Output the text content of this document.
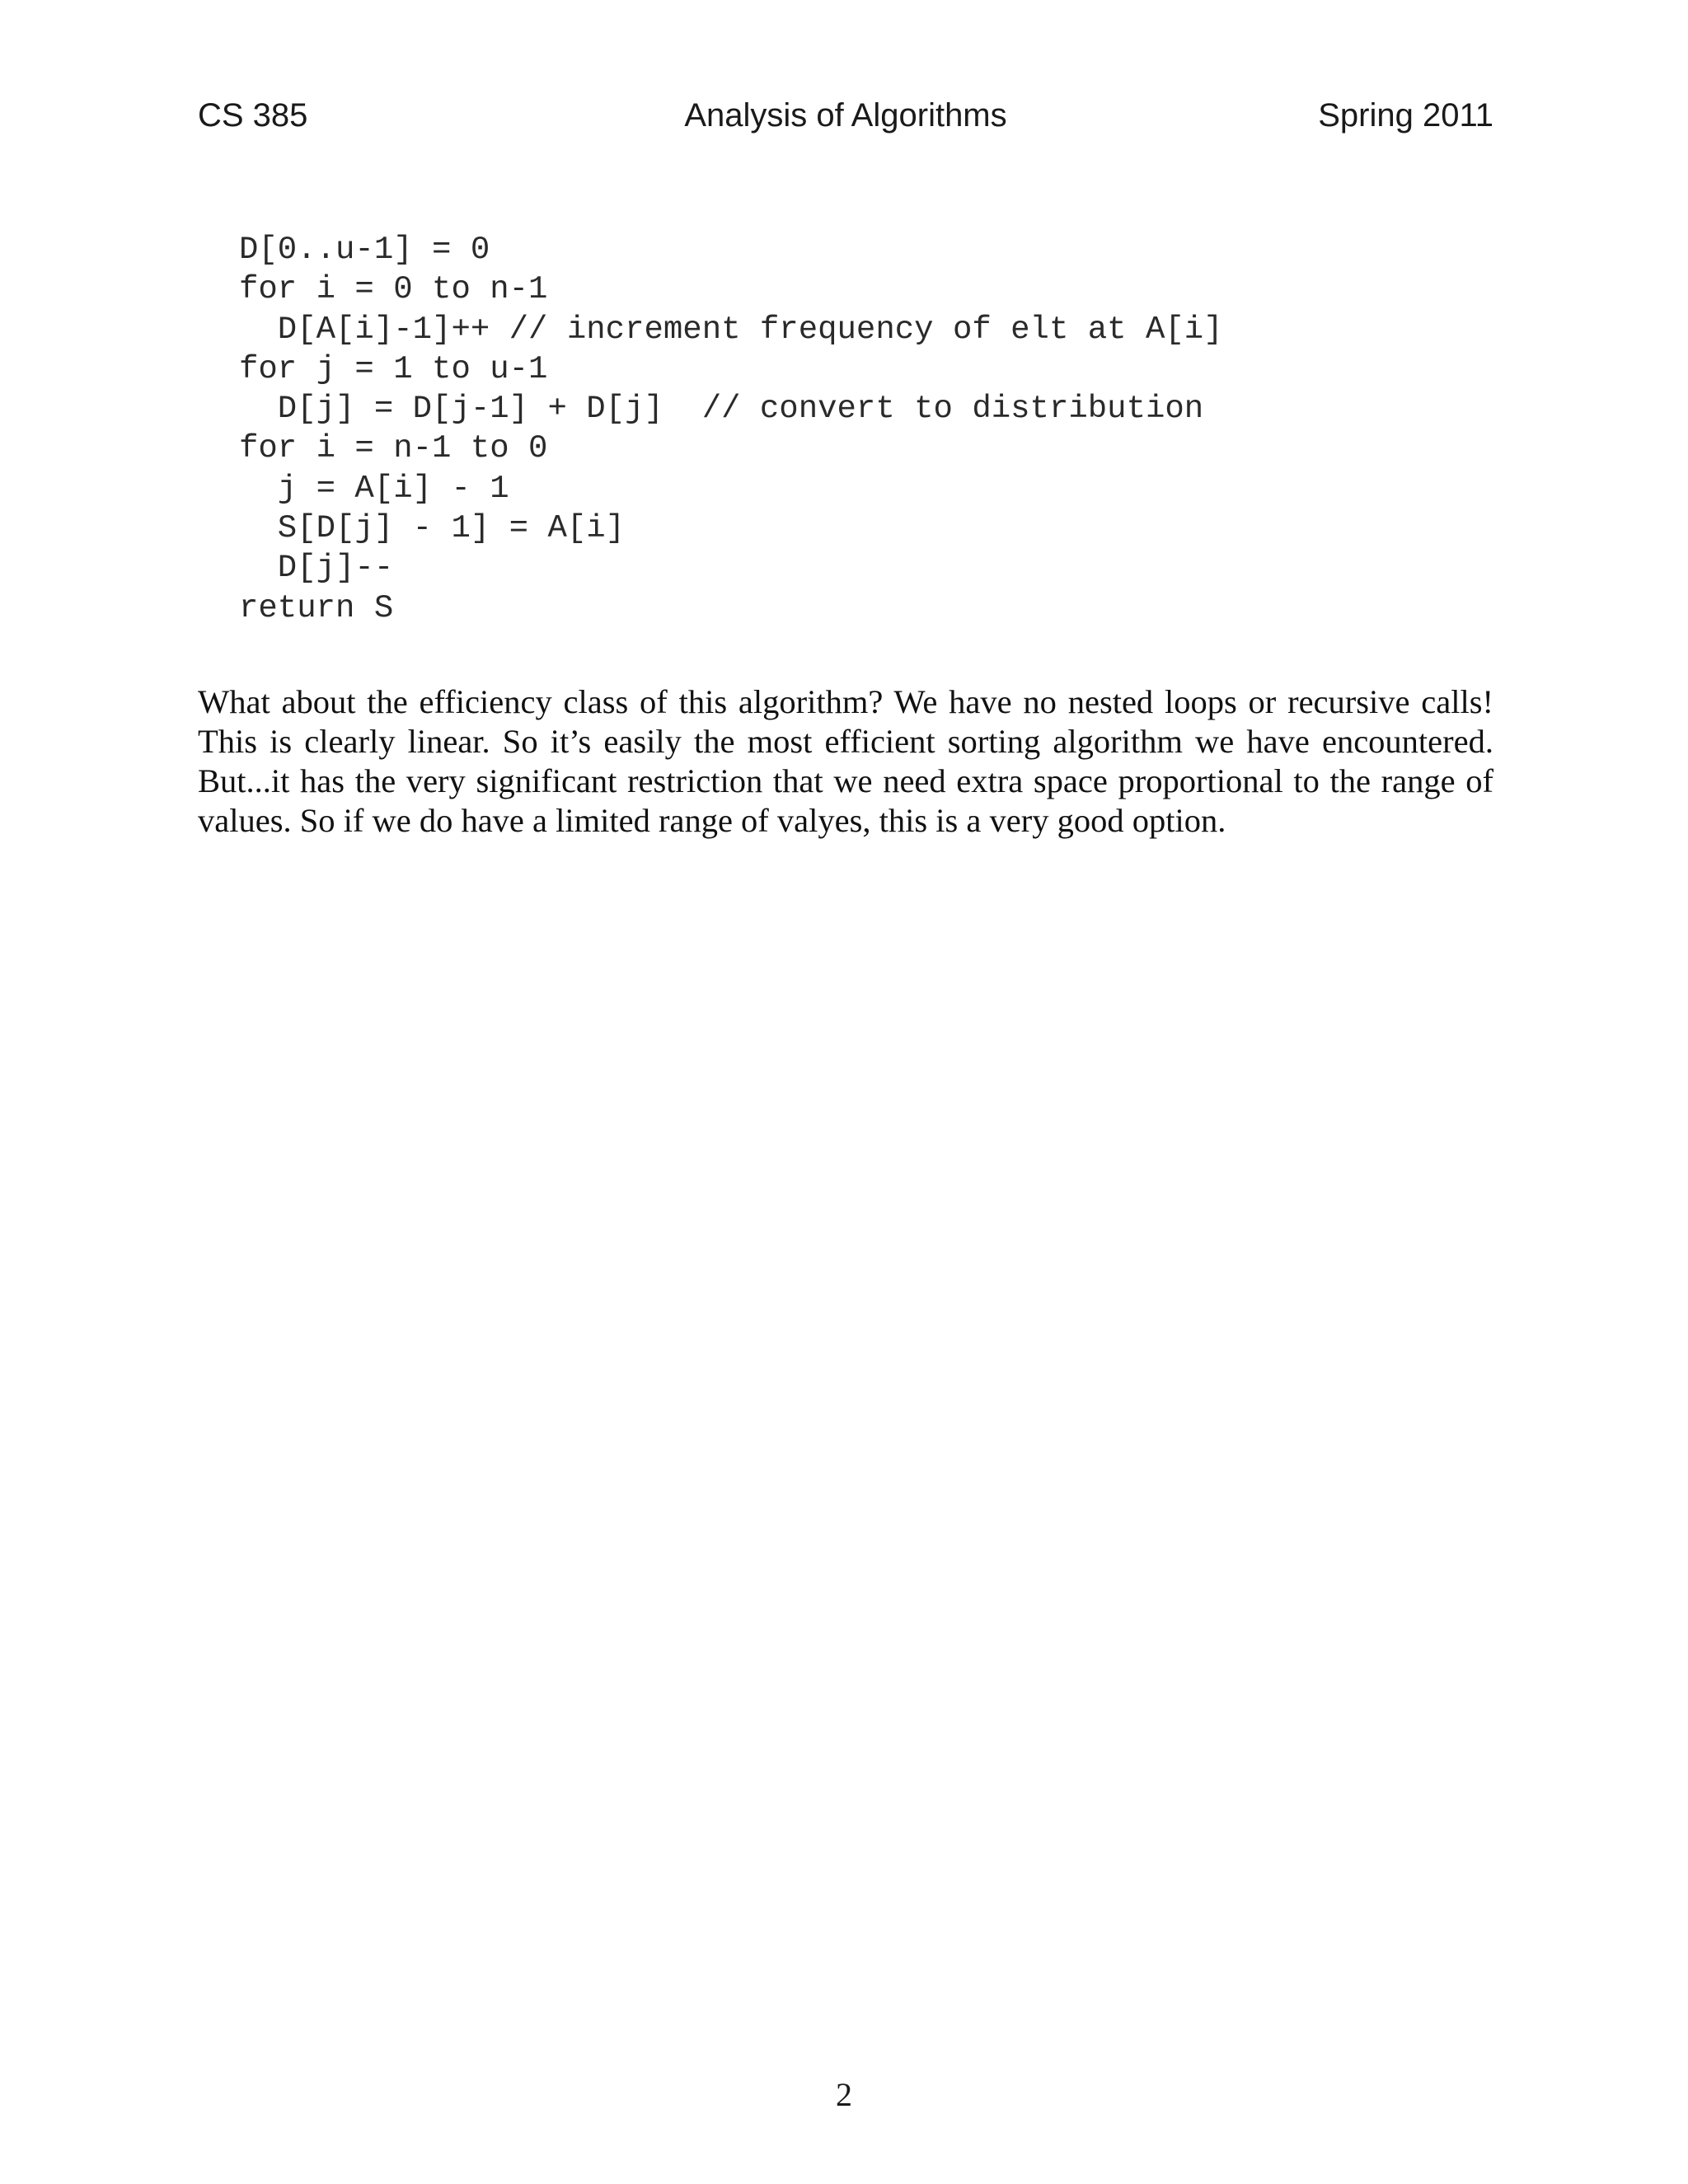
CS 385	Analysis of Algorithms	Spring 2011
D[0..u-1] = 0
for i = 0 to n-1
D[A[i]-1]++ // increment frequency of elt at A[i]
for j = 1 to u-1
D[j] = D[j-1] + D[j]  // convert to distribution
for i = n-1 to 0
j = A[i] - 1
S[D[j] - 1] = A[i]
D[j]--
return S

What about the efficiency class of this algorithm? We have no nested loops or recursive calls! This is clearly linear. So it’s easily the most efficient sorting algorithm we have encountered. But...it has the very significant restriction that we need extra space proportional to the range of values. So if we do have a limited range of valyes, this is a very good option.

2
